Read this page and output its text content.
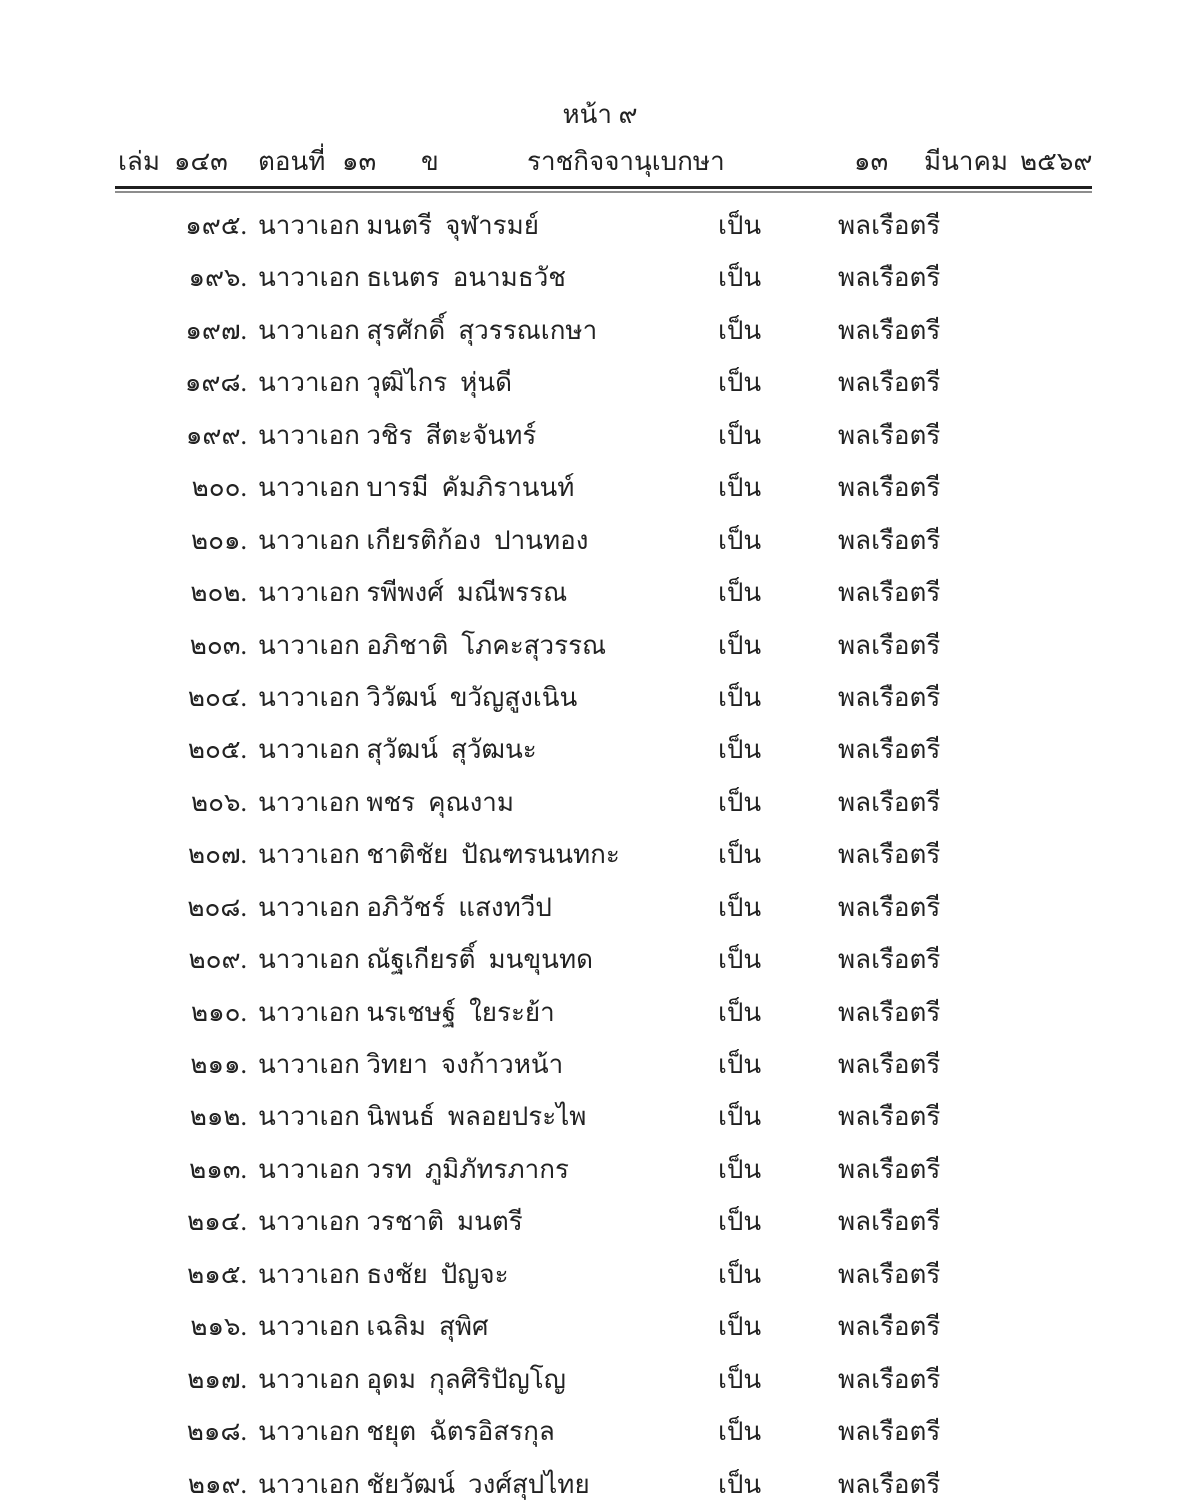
หน้า ๙
เล่ม ๑๔๓ ตอนที่ ๑๓ ข	ราชกิจจานุเบกษา	๑๓ มีนาคม ๒๕๖๙
๑๙๕. นาวาเอก มนตรี  จุฬารมย์	เป็น	พลเรือตรี
๑๙๖. นาวาเอก ธเนตร  อนามธวัช	เป็น	พลเรือตรี
๑๙๗. นาวาเอก สุรศักดิ์  สุวรรณเกษา	เป็น	พลเรือตรี
๑๙๘. นาวาเอก วุฒิไกร  หุ่นดี	เป็น	พลเรือตรี
๑๙๙. นาวาเอก วชิร  สีตะจันทร์	เป็น	พลเรือตรี
๒๐๐. นาวาเอก บารมี  คัมภิรานนท์	เป็น	พลเรือตรี
๒๐๑. นาวาเอก เกียรติก้อง  ปานทอง	เป็น	พลเรือตรี
๒๐๒. นาวาเอก รพีพงศ์  มณีพรรณ	เป็น	พลเรือตรี
๒๐๓. นาวาเอก อภิชาติ  โภคะสุวรรณ	เป็น	พลเรือตรี
๒๐๔. นาวาเอก วิวัฒน์  ขวัญสูงเนิน	เป็น	พลเรือตรี
๒๐๕. นาวาเอก สุวัฒน์  สุวัฒนะ	เป็น	พลเรือตรี
๒๐๖. นาวาเอก พชร  คุณงาม	เป็น	พลเรือตรี
๒๐๗. นาวาเอก ชาติชัย  ปัณฑรนนทกะ	เป็น	พลเรือตรี
๒๐๘. นาวาเอก อภิวัชร์  แสงทวีป	เป็น	พลเรือตรี
๒๐๙. นาวาเอก ณัฐเกียรติ์  มนขุนทด	เป็น	พลเรือตรี
๒๑๐. นาวาเอก นรเชษฐ์  ใยระย้า	เป็น	พลเรือตรี
๒๑๑. นาวาเอก วิทยา  จงก้าวหน้า	เป็น	พลเรือตรี
๒๑๒. นาวาเอก นิพนธ์  พลอยประไพ	เป็น	พลเรือตรี
๒๑๓. นาวาเอก วรท  ภูมิภัทรภากร	เป็น	พลเรือตรี
๒๑๔. นาวาเอก วรชาติ  มนตรี	เป็น	พลเรือตรี
๒๑๕. นาวาเอก ธงชัย  ปัญจะ	เป็น	พลเรือตรี
๒๑๖. นาวาเอก เฉลิม  สุพิศ	เป็น	พลเรือตรี
๒๑๗. นาวาเอก อุดม  กุลศิริปัญโญ	เป็น	พลเรือตรี
๒๑๘. นาวาเอก ชยุต  ฉัตรอิสรกุล	เป็น	พลเรือตรี
๒๑๙. นาวาเอก ชัยวัฒน์  วงศ์สุปไทย	เป็น	พลเรือตรี
